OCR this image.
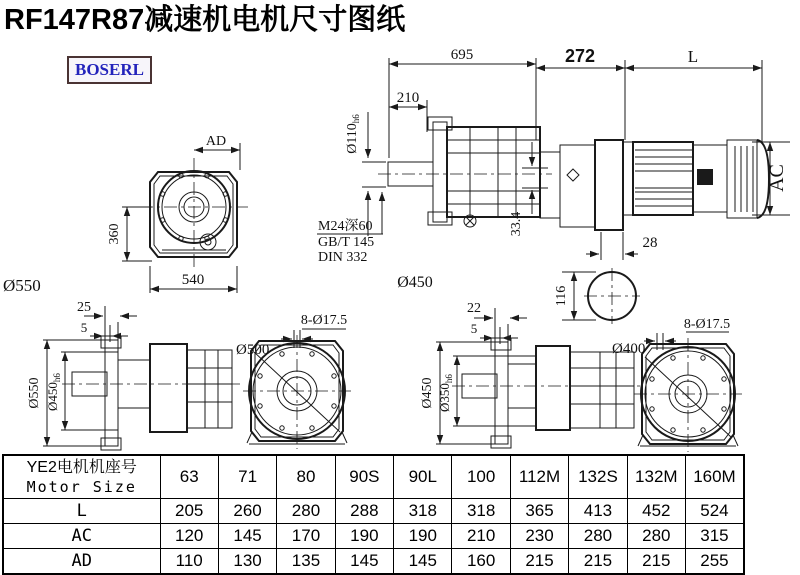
RF147R87减速机电机尺寸图纸
BOSERL
695
210
$Ø110_{h6}$
M24深60
GB/T 145
DIN 332
33.4
Ø450
272	L
AC
28
116
AD
360
540
Ø550
25
5
Ø550 $Ø450_{h6}$
8-Ø17.5
Ø500
22
5
Ø450 $Ø350_{h6}$
8-Ø17.5
Ø400
YE2电机机座号
Motor Size	63	71	80	90S	90L	100	112M	132S	132M	160M
L	205	260	280	288	318	318	365	413	452	524
AC	120	145	170	190	190	210	230	280	280	315
AD	110	130	135	145	145	160	215	215	215	255
